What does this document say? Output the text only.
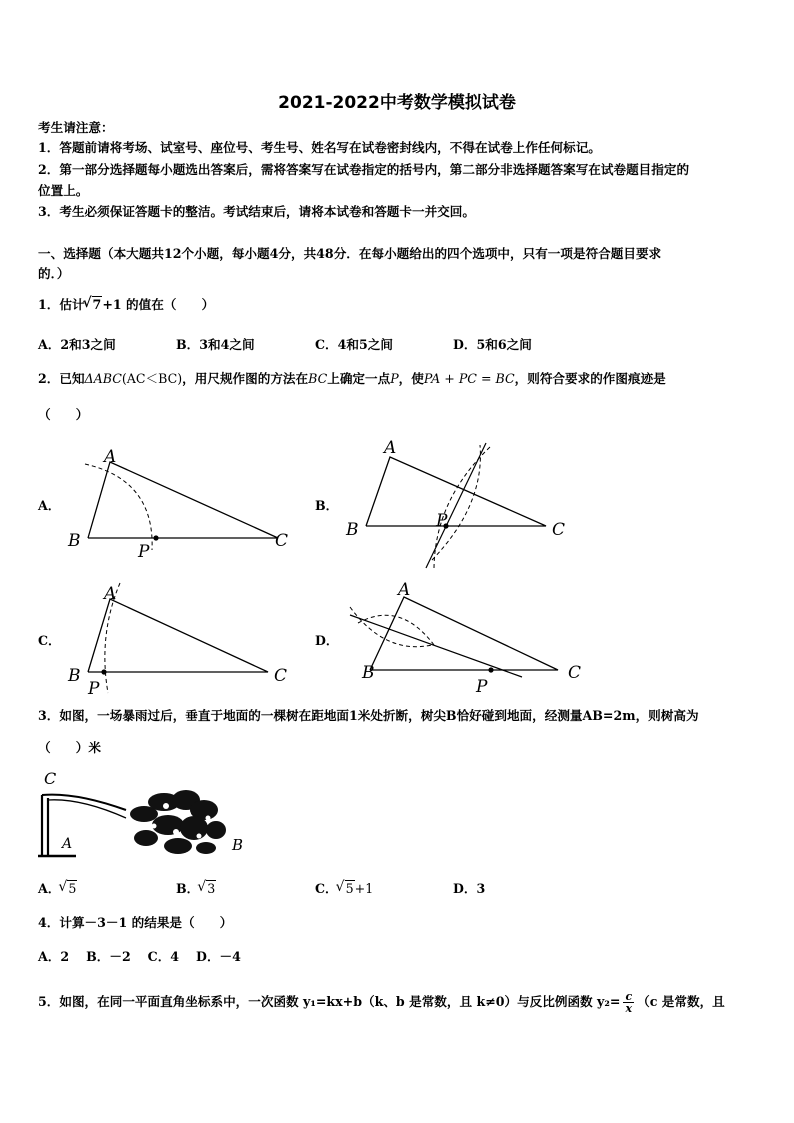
2021-2022中考数学模拟试卷
考生请注意：
1．答题前请将考场、试室号、座位号、考生号、姓名写在试卷密封线内，不得在试卷上作任何标记。
2．第一部分选择题每小题选出答案后，需将答案写在试卷指定的括号内，第二部分非选择题答案写在试卷题目指定的
位置上。
3．考生必须保证答题卡的整洁。考试结束后，请将本试卷和答题卡一并交回。
一、选择题（本大题共12个小题，每小题4分，共48分．在每小题给出的四个选项中，只有一项是符合题目要求
的．）
1．估计 √ 7+1 的值在（　　）
A．2和3之间	B．3和4之间	C．4和5之间	D．5和6之间
2．已知ΔABC(AC＜BC)，用尺规作图的方法在BC上确定一点P，使PA + PC = BC，则符合要求的作图痕迹是
（　　）
A．	B．
C．	D．
A
B	C
P
A
B	C
P
A
B	C
P
A
B	C
P
3．如图，一场暴雨过后，垂直于地面的一棵树在距地面1米处折断，树尖B恰好碰到地面，经测量AB=2m，则树高为
（　　）米
C
A	B
A． √ 5	B． √ 3	C． √ 5+1	D．3
4．计算－3－1 的结果是（　　）
A．2　 B．－2　 C．4　 D．－4
5．如图，在同一平面直角坐标系中，一次函数 y₁=kx+b（k、b 是常数，且 k≠0）与反比例函数 $y_2= \frac{c}{x} (c$ 是常数，且
